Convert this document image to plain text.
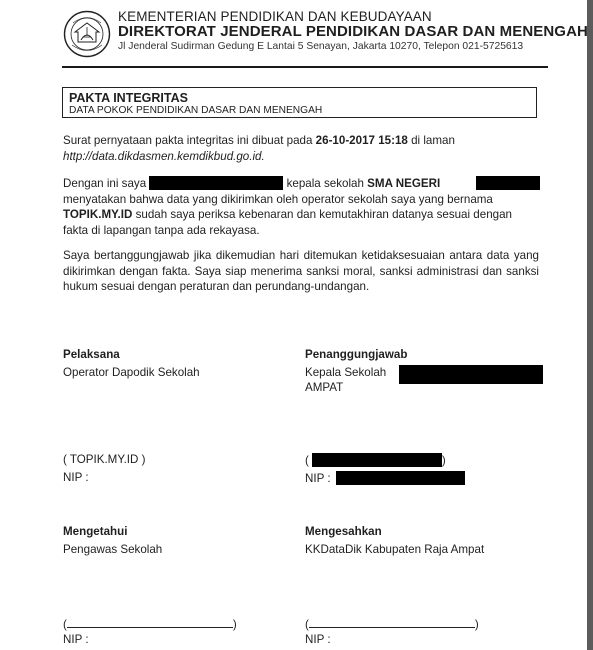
KEMENTERIAN PENDIDIKAN DAN KEBUDAYAAN
DIREKTORAT JENDERAL PENDIDIKAN DASAR DAN MENENGAH
Jl Jenderal Sudirman Gedung E Lantai 5 Senayan, Jakarta 10270, Telepon 021-5725613
PAKTA INTEGRITAS
DATA POKOK PENDIDIKAN DASAR DAN MENENGAH
Surat pernyataan pakta integritas ini dibuat pada 26-10-2017 15:18 di laman http://data.dikdasmen.kemdikbud.go.id.
Dengan ini saya	kepala sekolah SMA NEGERI
menyatakan bahwa data yang dikirimkan oleh operator sekolah saya yang bernama
TOPIK.MY.ID sudah saya periksa kebenaran dan kemutakhiran datanya sesuai dengan
fakta di lapangan tanpa ada rekayasa.
Saya bertanggungjawab jika dikemudian hari ditemukan ketidaksesuaian antara data yang dikirimkan dengan fakta. Saya siap menerima sanksi moral, sanksi administrasi dan sanksi hukum sesuai dengan peraturan dan perundang-undangan.
Pelaksana
Operator Dapodik Sekolah
( TOPIK.MY.ID )
NIP :
Penanggungjawab
Kepala Sekolah
AMPAT
(	)
NIP :
Mengetahui
Pengawas Sekolah
(	)
NIP :
Mengesahkan
KKDataDik Kabupaten Raja Ampat
(	)
NIP :
